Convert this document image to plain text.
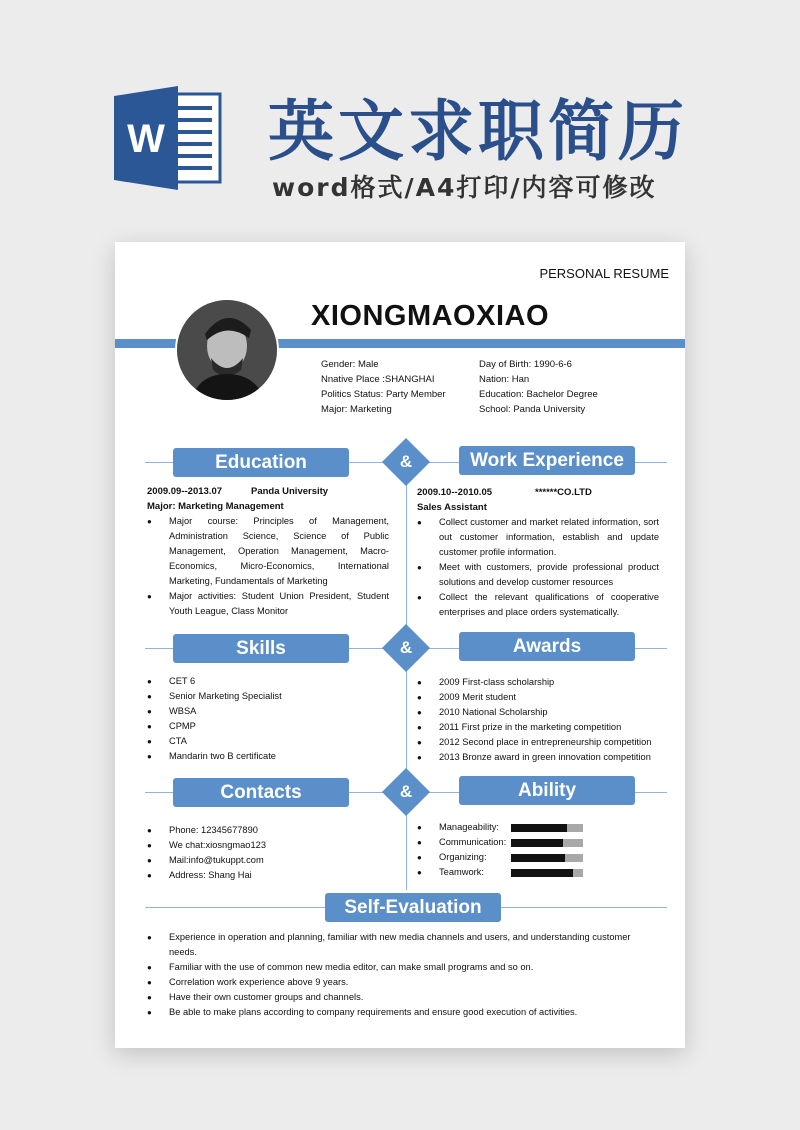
W 英文求职简历
word格式/A4打印/内容可修改
PERSONAL RESUME
XIONGMAOXIAO
Gender: Male
Nnative Place :SHANGHAI
Politics Status: Party Member
Major: Marketing
Day of Birth: 1990-6-6
Nation: Han
Education: Bachelor Degree
School: Panda University
Education	Work Experience
&
2009.09--2013.07	Panda University
Major: Marketing Management
● Major course: Principles of Management, Administration Science, Science of Public Management, Operation Management, Macro-Economics, Micro-Economics, International Marketing, Fundamentals of Marketing
● Major activities: Student Union President, Student Youth League, Class Monitor
2009.10--2010.05	******CO.LTD
Sales Assistant
● Collect customer and market related information, sort out customer information, establish and update customer profile information.
● Meet with customers, provide professional product solutions and develop customer resources
● Collect the relevant qualifications of cooperative enterprises and place orders systematically.
Skills	Awards
&
● CET 6
● Senior Marketing Specialist
● WBSA
● CPMP
● CTA
● Mandarin two B certificate
● 2009 First-class scholarship
● 2009 Merit student
● 2010 National Scholarship
● 2011 First prize in the marketing competition
● 2012 Second place in entrepreneurship competition
● 2013 Bronze award in green innovation competition
Contacts	Ability
&
● Phone: 12345677890
● We chat:xiosngmao123
● Mail:info@tukuppt.com
● Address: Shang Hai
● Manageability:
● Communication:
● Organizing:
● Teamwork:
Self-Evaluation
● Experience in operation and planning, familiar with new media channels and users, and understanding customer needs.
● Familiar with the use of common new media editor, can make small programs and so on.
● Correlation work experience above 9 years.
● Have their own customer groups and channels.
● Be able to make plans according to company requirements and ensure good execution of activities.
